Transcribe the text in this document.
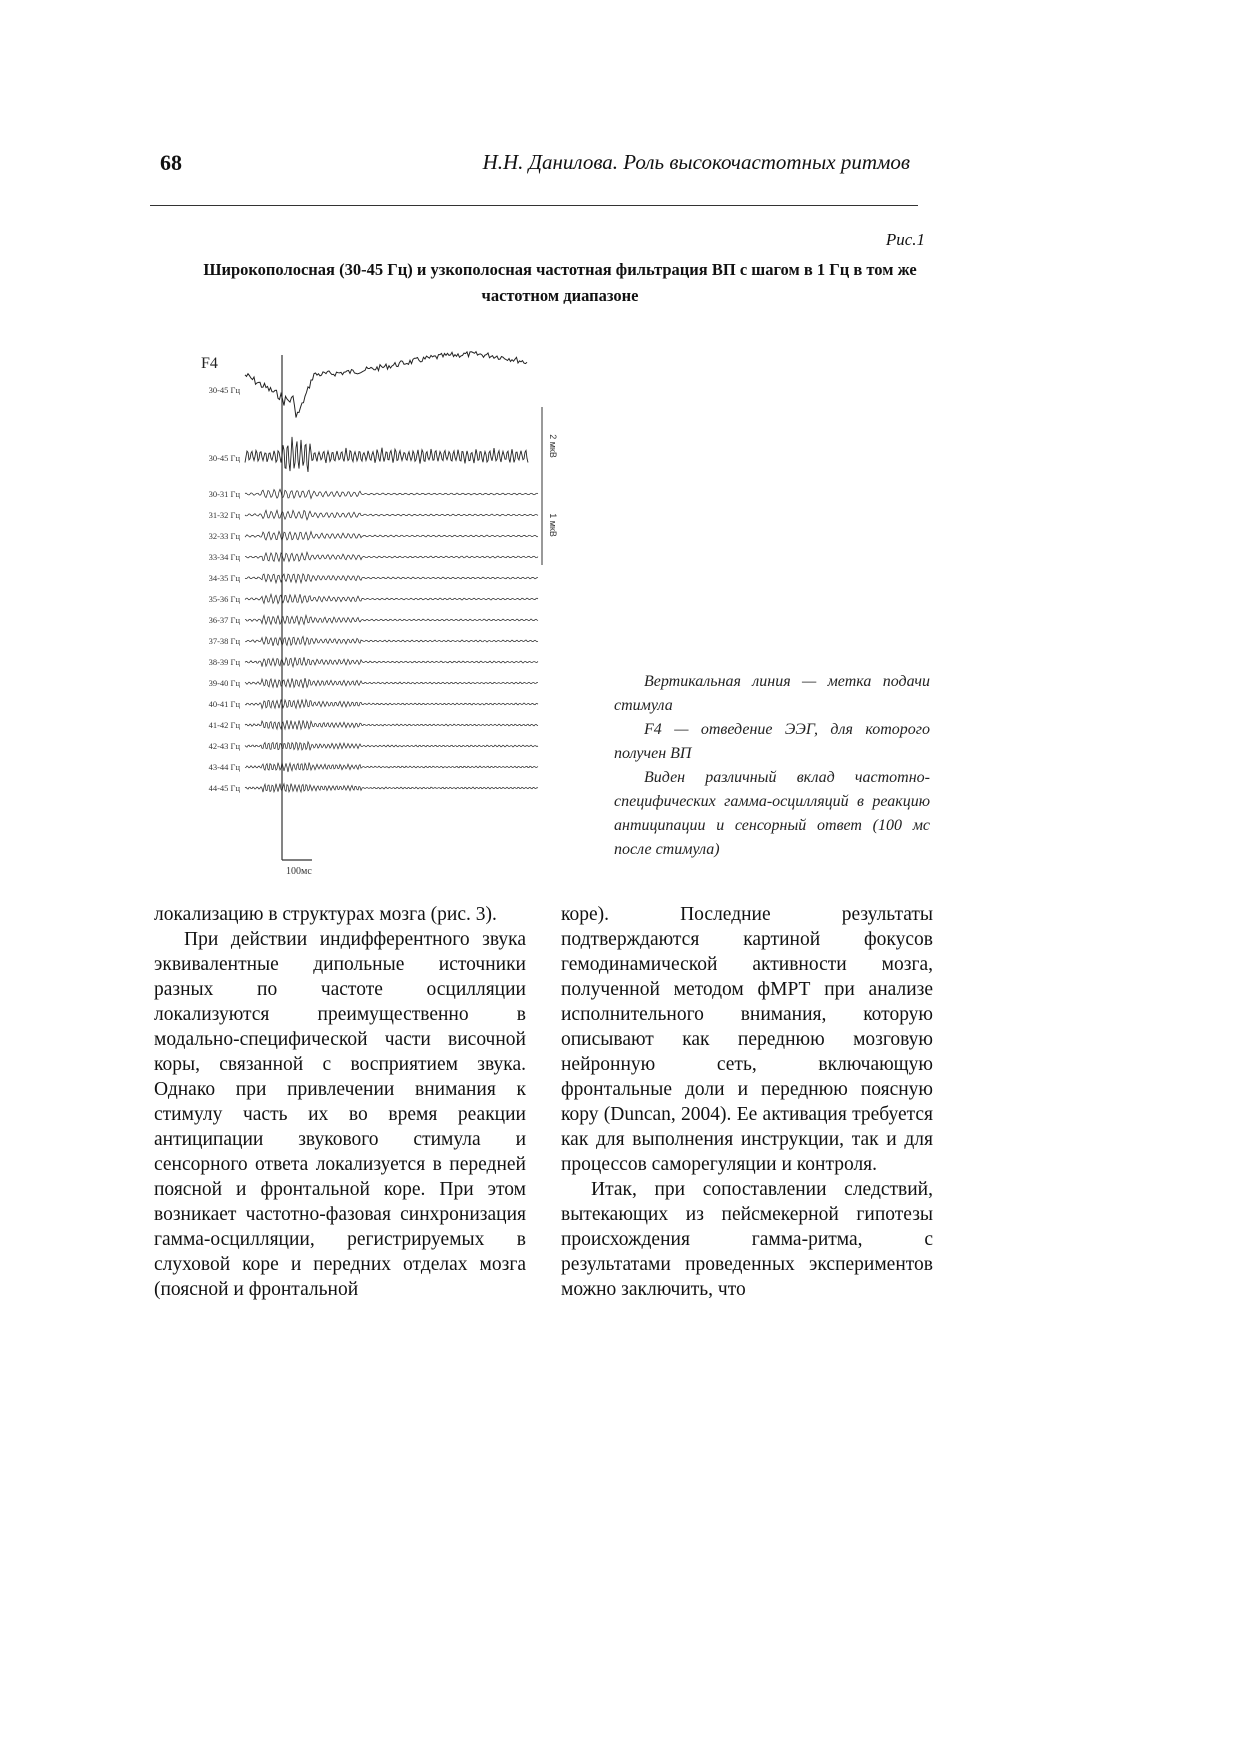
68	Н.Н. Данилова. Роль высокочастотных ритмов
Рис.1
Широкополосная (30-45 Гц) и узкополосная частотная фильтрация ВП с шагом в 1 Гц в том же частотном диапазоне
F4
30-45 Гц
30-45 Гц
30-31 Гц
31-32 Гц
32-33 Гц
33-34 Гц
34-35 Гц
35-36 Гц
36-37 Гц
37-38 Гц
38-39 Гц
39-40 Гц
40-41 Гц
41-42 Гц
42-43 Гц
43-44 Гц
44-45 Гц
2 мкВ
1 мкВ
100мс

Вертикальная линия — метка подачи стимула

F4 — отведение ЭЭГ, для которого получен ВП

Виден различный вклад частотно-специфических гамма-осцилляций в реакцию антиципации и сенсорный ответ (100 мс после стимула)

локализацию в структурах мозга (рис. 3).

При действии индифферентного звука эквивалентные дипольные источники разных по частоте осцилляции локализуются преимущественно в модально-специфической части височной коры, связанной с восприятием звука. Однако при привлечении внимания к стимулу часть их во время реакции антиципации звукового стимула и сенсорного ответа локализуется в передней поясной и фронтальной коре. При этом возникает частотно-фазовая синхронизация гамма-осцилляции, регистрируемых в слуховой коре и передних отделах мозга (поясной и фронтальной

коре). Последние результаты подтверждаются картиной фокусов гемодинамической активности мозга, полученной методом фМРТ при анализе исполнительного внимания, которую описывают как переднюю мозговую нейронную сеть, включающую фронтальные доли и переднюю поясную кору (Duncan, 2004). Ее активация требуется как для выполнения инструкции, так и для процессов саморегуляции и контроля.

Итак, при сопоставлении следствий, вытекающих из пейсмекерной гипотезы происхождения гамма-ритма, с результатами проведенных экспериментов можно заключить, что
